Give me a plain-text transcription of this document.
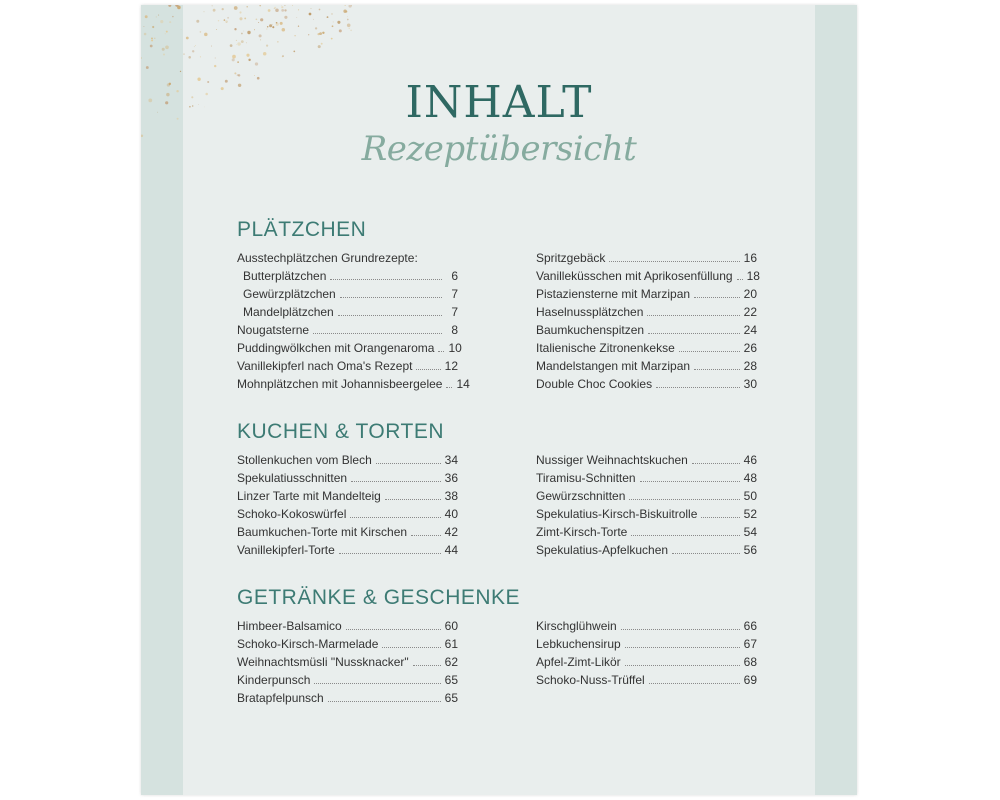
INHALT
Rezeptübersicht
PLÄTZCHEN
Ausstechplätzchen Grundrezepte:
Butterplätzchen	6
Gewürzplätzchen	7
Mandelplätzchen	7
Nougatsterne	8
Puddingwölkchen mit Orangenaroma 10
Vanillekipferl nach Oma's Rezept	12
Mohnplätzchen mit Johannisbeergelee 14
Spritzgebäck	16
Vanilleküsschen mit Aprikosenfüllung 18
Pistaziensterne mit Marzipan	20
Haselnussplätzchen	22
Baumkuchenspitzen	24
Italienische Zitronenkekse	26
Mandelstangen mit Marzipan	28
Double Choc Cookies	30
KUCHEN & TORTEN
Stollenkuchen vom Blech	34
Spekulatiusschnitten	36
Linzer Tarte mit Mandelteig	38
Schoko-Kokoswürfel	40
Baumkuchen-Torte mit Kirschen	42
Vanillekipferl-Torte	44
Nussiger Weihnachtskuchen	46
Tiramisu-Schnitten	48
Gewürzschnitten	50
Spekulatius-Kirsch-Biskuitrolle	52
Zimt-Kirsch-Torte	54
Spekulatius-Apfelkuchen	56
GETRÄNKE & GESCHENKE
Himbeer-Balsamico	60
Schoko-Kirsch-Marmelade	61
Weihnachtsmüsli "Nussknacker"	62
Kinderpunsch	65
Bratapfelpunsch	65
Kirschglühwein	66
Lebkuchensirup	67
Apfel-Zimt-Likör	68
Schoko-Nuss-Trüffel	69
